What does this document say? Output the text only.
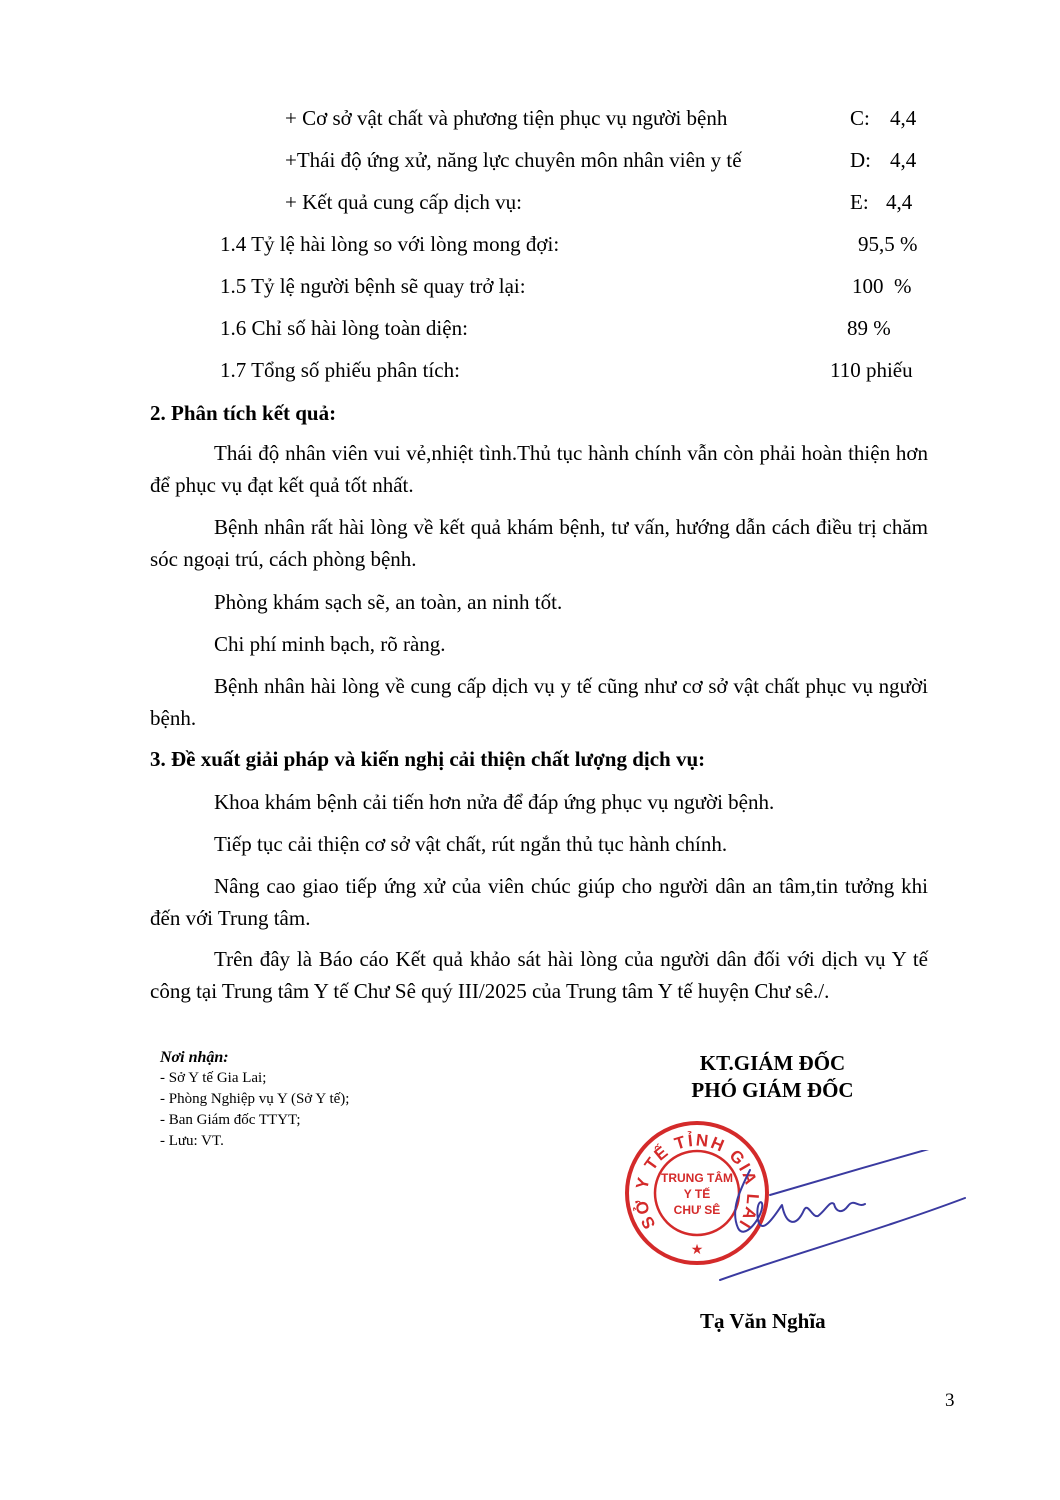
+ Cơ sở vật chất và phương tiện phục vụ người bệnh	C: 4,4
+Thái độ ứng xử, năng lực chuyên môn nhân viên y tế	D: 4,4
+ Kết quả cung cấp dịch vụ:	E: 4,4
1.4 Tỷ lệ hài lòng so với lòng mong đợi:	95,5 %
1.5 Tỷ lệ người bệnh sẽ quay trở lại:	100  %
1.6 Chỉ số hài lòng toàn diện:	89 %
1.7 Tổng số phiếu phân tích:	110 phiếu
2. Phân tích kết quả:
Thái độ nhân viên vui vẻ,nhiệt tình.Thủ tục hành chính vẫn còn phải hoàn thiện hơn để phục vụ đạt kết quả tốt nhất.
Bệnh nhân rất hài lòng về kết quả khám bệnh, tư vấn, hướng dẫn cách điều trị chăm sóc ngoại trú, cách phòng bệnh.
Phòng khám sạch sẽ, an toàn, an ninh tốt.
Chi phí minh bạch, rõ ràng.
Bệnh nhân hài lòng về cung cấp dịch vụ y tế cũng như cơ sở vật chất phục vụ người bệnh.
3. Đề xuất giải pháp và kiến nghị cải thiện chất lượng dịch vụ:
Khoa khám bệnh cải tiến hơn nửa để đáp ứng phục vụ người bệnh.
Tiếp tục cải thiện cơ sở vật chất, rút ngắn thủ tục hành chính.
Nâng cao giao tiếp ứng xử của viên chúc giúp cho người dân an tâm,tin tưởng khi đến với Trung tâm.
Trên đây là Báo cáo Kết quả khảo sát hài lòng của người dân đối với dịch vụ Y tế công tại Trung tâm Y tế Chư Sê quý III/2025 của Trung tâm Y tế huyện Chư sê./.
Nơi nhận:
- Sở Y tế Gia Lai;
- Phòng Nghiệp vụ Y (Sở Y tế);
- Ban Giám đốc TTYT;
- Lưu: VT.
KT.GIÁM ĐỐC
PHÓ GIÁM ĐỐC
SỞ Y TẾ TỈNH GIA LAI
TRUNG TÂM
Y TẾ
CHƯ SÊ
★
Tạ Văn Nghĩa
3
